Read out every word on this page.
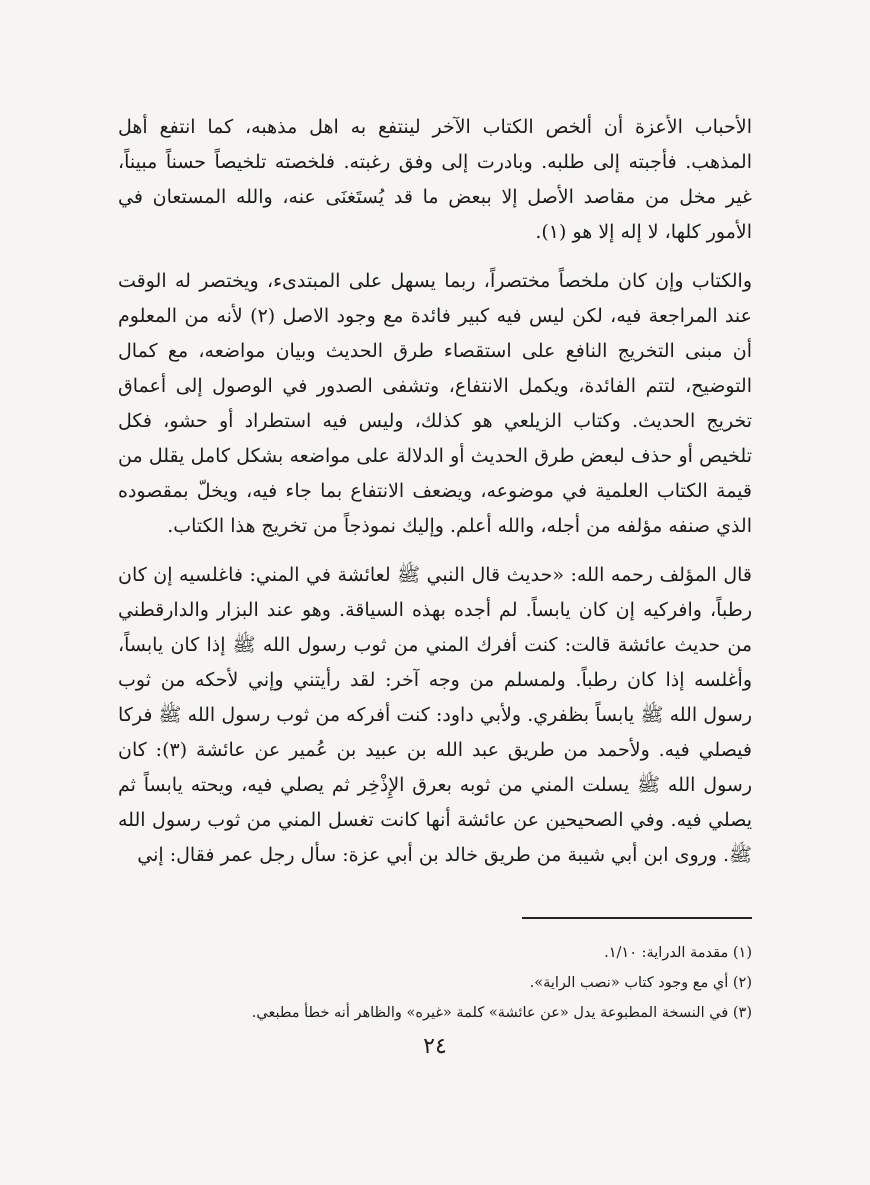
الأحباب الأعزة أن ألخص الكتاب الآخر لينتفع به اهل مذهبه، كما انتفع أهل المذهب. فأجبته إلى طلبه. وبادرت إلى وفق رغبته. فلخصته تلخيصاً حسناً مبيناً، غير مخل من مقاصد الأصل إلا ببعض ما قد يُستَغنَى عنه، والله المستعان في الأمور كلها، لا إله إلا هو (١).

والكتاب وإن كان ملخصاً مختصراً، ربما يسهل على المبتدىء، ويختصر له الوقت عند المراجعة فيه، لكن ليس فيه كبير فائدة مع وجود الاصل (٢) لأنه من المعلوم أن مبنى التخريج النافع على استقصاء طرق الحديث وبيان مواضعه، مع كمال التوضيح، لتتم الفائدة، ويكمل الانتفاع، وتشفى الصدور في الوصول إلى أعماق تخريج الحديث. وكتاب الزيلعي هو كذلك، وليس فيه استطراد أو حشو، فكل تلخيص أو حذف لبعض طرق الحديث أو الدلالة على مواضعه بشكل كامل يقلل من قيمة الكتاب العلمية في موضوعه، ويضعف الانتفاع بما جاء فيه، ويخلّ بمقصوده الذي صنفه مؤلفه من أجله، والله أعلم. وإليك نموذجاً من تخريج هذا الكتاب.

قال المؤلف رحمه الله: «حديث قال النبي ﷺ لعائشة في المني: فاغلسيه إن كان رطباً، وافركيه إن كان يابساً. لم أجده بهذه السياقة. وهو عند البزار والدارقطني من حديث عائشة قالت: كنت أفرك المني من ثوب رسول الله ﷺ إذا كان يابساً، وأغلسه إذا كان رطباً. ولمسلم من وجه آخر: لقد رأيتني وإني لأحكه من ثوب رسول الله ﷺ يابساً بظفري. ولأبي داود: كنت أفركه من ثوب رسول الله ﷺ فركا فيصلي فيه. ولأحمد من طريق عبد الله بن عبيد بن عُمير عن عائشة (٣): كان رسول الله ﷺ يسلت المني من ثوبه بعرق الإِذْخِر ثم يصلي فيه، ويحته يابساً ثم يصلي فيه. وفي الصحيحين عن عائشة أنها كانت تغسل المني من ثوب رسول الله ﷺ. وروى ابن أبي شيبة من طريق خالد بن أبي عزة: سأل رجل عمر فقال: إني

(١) مقدمة الدراية: ١/١٠.

(٢) أي مع وجود كتاب «نصب الراية».

(٣) في النسخة المطبوعة يدل «عن عائشة» كلمة «غيره» والظاهر أنه خطأ مطبعي.

٢٤
